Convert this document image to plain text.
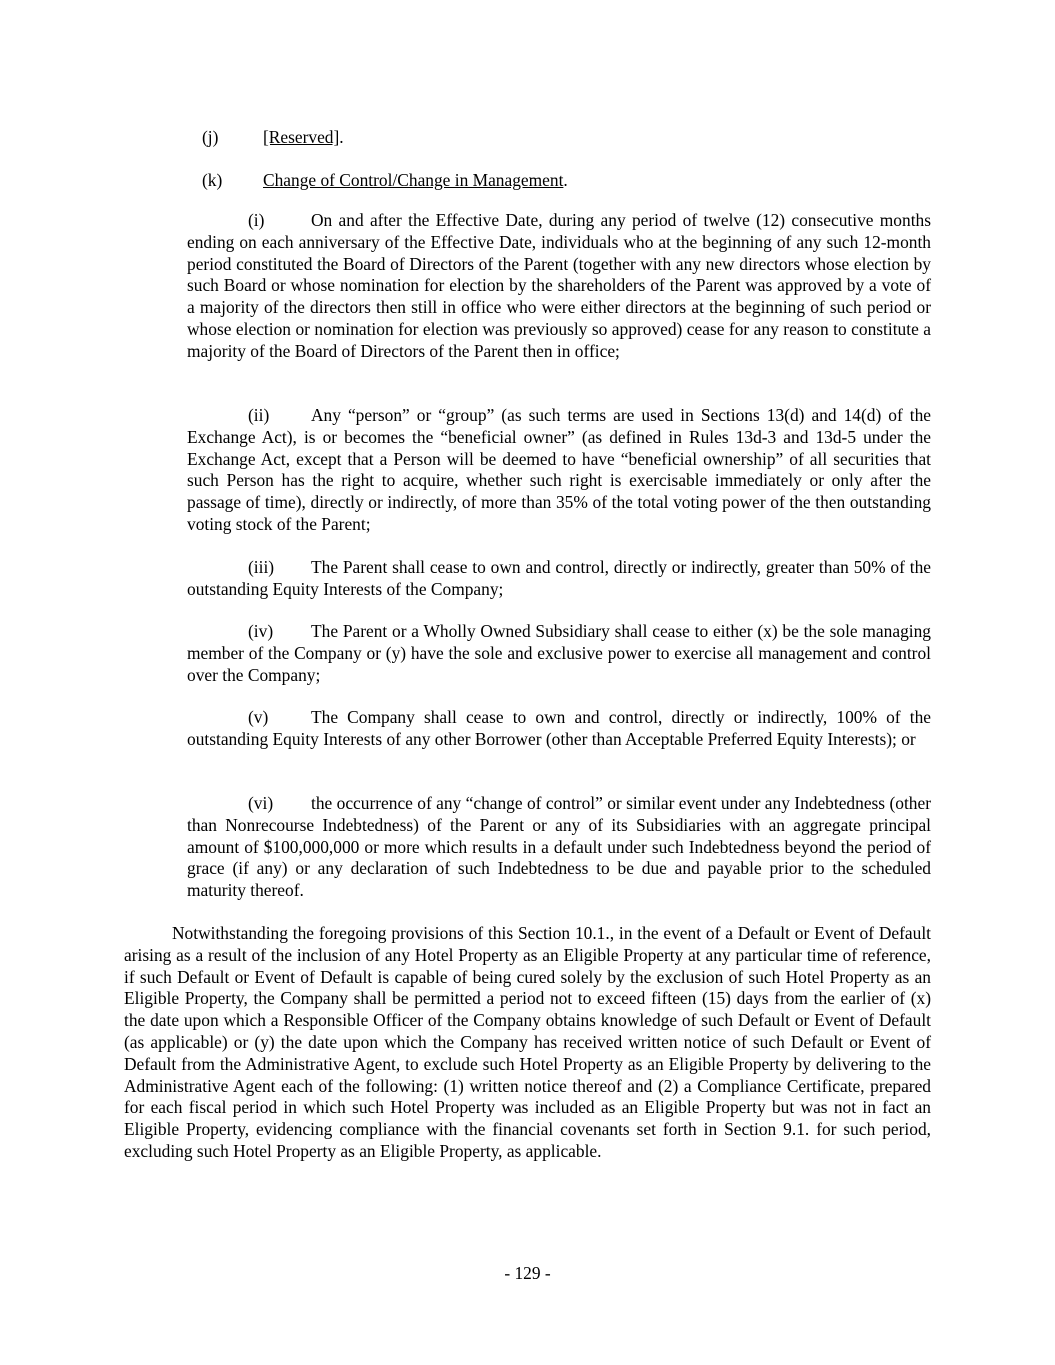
(j)	[Reserved].
(k) Change of Control/Change in Management.

(i)	On and after the Effective Date, during any period of twelve (12) consecutive months ending on each anniversary of the Effective Date, individuals who at the beginning of any such 12-month period constituted the Board of Directors of the Parent (together with any new directors whose election by such Board or whose nomination for election by the shareholders of the Parent was approved by a vote of a majority of the directors then still in office who were either directors at the beginning of such period or whose election or nomination for election was previously so approved) cease for any reason to constitute a majority of the Board of Directors of the Parent then in office;

(ii) Any “person” or “group” (as such terms are used in Sections 13(d) and 14(d) of the Exchange Act), is or becomes the “beneficial owner” (as defined in Rules 13d-3 and 13d-5 under the Exchange Act, except that a Person will be deemed to have “beneficial ownership” of all securities that such Person has the right to acquire, whether such right is exercisable immediately or only after the passage of time), directly or indirectly, of more than 35% of the total voting power of the then outstanding voting stock of the Parent;

(iii) The Parent shall cease to own and control, directly or indirectly, greater than 50% of the outstanding Equity Interests of the Company;

(iv) The Parent or a Wholly Owned Subsidiary shall cease to either (x) be the sole managing member of the Company or (y) have the sole and exclusive power to exercise all management and control over the Company;

(v) The Company shall cease to own and control, directly or indirectly, 100% of the outstanding Equity Interests of any other Borrower (other than Acceptable Preferred Equity Interests); or

(vi) the occurrence of any “change of control” or similar event under any Indebtedness (other than Nonrecourse Indebtedness) of the Parent or any of its Subsidiaries with an aggregate principal amount of $100,000,000 or more which results in a default under such Indebtedness beyond the period of grace (if any) or any declaration of such Indebtedness to be due and payable prior to the scheduled maturity thereof.

Notwithstanding the foregoing provisions of this Section 10.1., in the event of a Default or Event of Default arising as a result of the inclusion of any Hotel Property as an Eligible Property at any particular time of reference, if such Default or Event of Default is capable of being cured solely by the exclusion of such Hotel Property as an Eligible Property, the Company shall be permitted a period not to exceed fifteen (15) days from the earlier of (x) the date upon which a Responsible Officer of the Company obtains knowledge of such Default or Event of Default (as applicable) or (y) the date upon which the Company has received written notice of such Default or Event of Default from the Administrative Agent, to exclude such Hotel Property as an Eligible Property by delivering to the Administrative Agent each of the following: (1) written notice thereof and (2) a Compliance Certificate, prepared for each fiscal period in which such Hotel Property was included as an Eligible Property but was not in fact an Eligible Property, evidencing compliance with the financial covenants set forth in Section 9.1. for such period, excluding such Hotel Property as an Eligible Property, as applicable.

- 129 -
